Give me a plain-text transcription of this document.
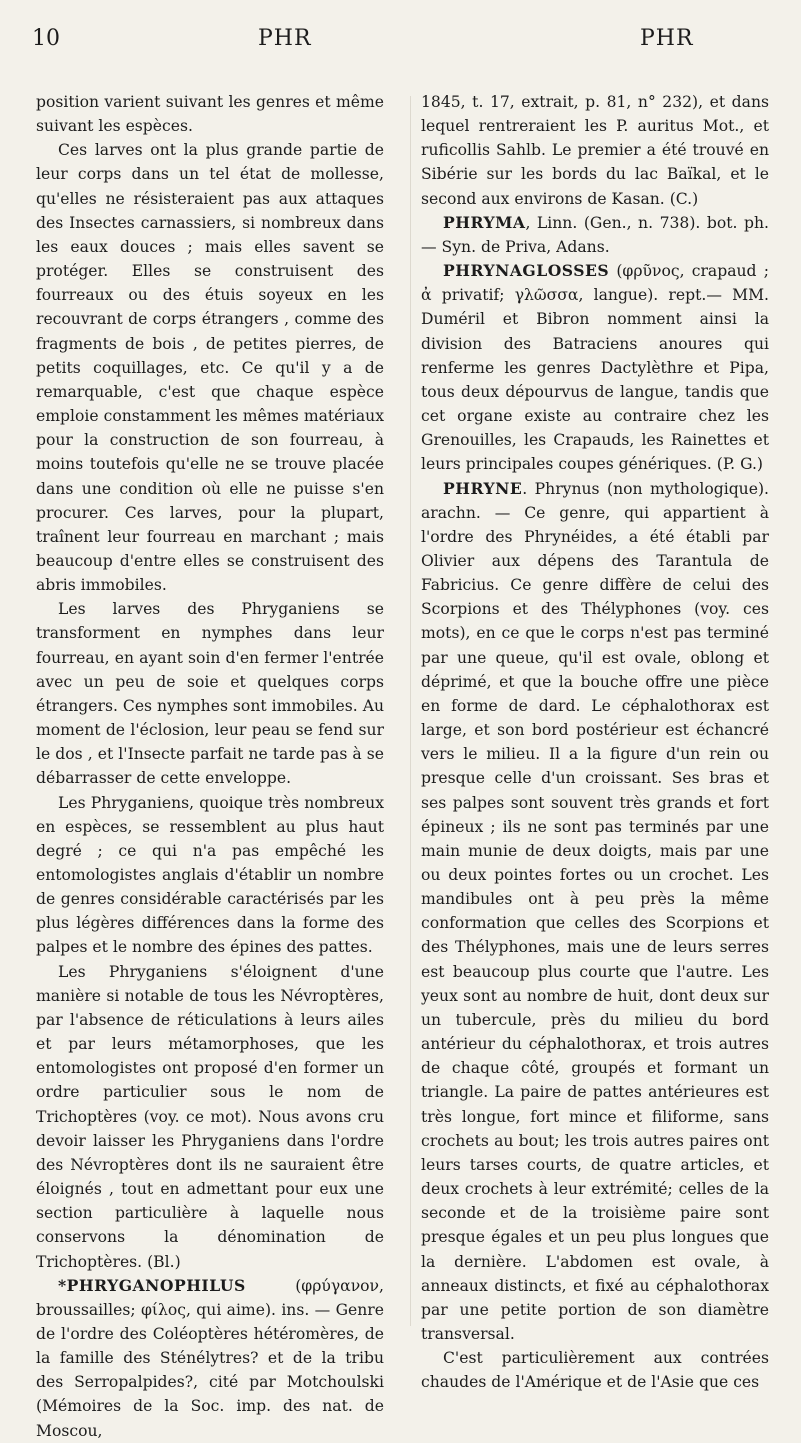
10	PHR	PHR

position varient suivant les genres et même suivant les espèces.

Ces larves ont la plus grande partie de leur corps dans un tel état de mollesse, qu'elles ne résisteraient pas aux attaques des Insectes carnassiers, si nombreux dans les eaux douces ; mais elles savent se protéger. Elles se construisent des fourreaux ou des étuis soyeux en les recouvrant de corps étrangers , comme des fragments de bois , de petites pierres, de petits coquillages, etc. Ce qu'il y a de remarquable, c'est que chaque espèce emploie constamment les mêmes matériaux pour la construction de son fourreau, à moins toutefois qu'elle ne se trouve placée dans une condition où elle ne puisse s'en procurer. Ces larves, pour la plupart, traînent leur fourreau en marchant ; mais beaucoup d'entre elles se construisent des abris immobiles.

Les larves des Phryganiens se transforment en nymphes dans leur fourreau, en ayant soin d'en fermer l'entrée avec un peu de soie et quelques corps étrangers. Ces nymphes sont immobiles. Au moment de l'éclosion, leur peau se fend sur le dos , et l'Insecte parfait ne tarde pas à se débarrasser de cette enveloppe.

Les Phryganiens, quoique très nombreux en espèces, se ressemblent au plus haut degré ; ce qui n'a pas empêché les entomologistes anglais d'établir un nombre de genres considérable caractérisés par les plus légères différences dans la forme des palpes et le nombre des épines des pattes.

Les Phryganiens s'éloignent d'une manière si notable de tous les Névroptères, par l'absence de réticulations à leurs ailes et par leurs métamorphoses, que les entomologistes ont proposé d'en former un ordre particulier sous le nom de Trichoptères (voy. ce mot). Nous avons cru devoir laisser les Phryganiens dans l'ordre des Névroptères dont ils ne sauraient être éloignés , tout en admettant pour eux une section particulière à laquelle nous conservons la dénomination de Trichoptères. (Bl.)

*PHRYGANOPHILUS (φρύγανον, broussailles; φίλος, qui aime). ins. — Genre de l'ordre des Coléoptères hétéromères, de la famille des Sténélytres? et de la tribu des Serropalpides?, cité par Motchoulski (Mémoires de la Soc. imp. des nat. de Moscou,

1845, t. 17, extrait, p. 81, n° 232), et dans lequel rentreraient les P. auritus Mot., et ruficollis Sahlb. Le premier a été trouvé en Sibérie sur les bords du lac Baïkal, et le second aux environs de Kasan. (C.)

PHRYMA, Linn. (Gen., n. 738). bot. ph. — Syn. de Priva, Adans.

PHRYNAGLOSSES (φρῦνος, crapaud ; ἀ privatif; γλῶσσα, langue). rept.— MM. Duméril et Bibron nomment ainsi la division des Batraciens anoures qui renferme les genres Dactylèthre et Pipa, tous deux dépourvus de langue, tandis que cet organe existe au contraire chez les Grenouilles, les Crapauds, les Rainettes et leurs principales coupes génériques. (P. G.)

PHRYNE. Phrynus (non mythologique). arachn. — Ce genre, qui appartient à l'ordre des Phrynéides, a été établi par Olivier aux dépens des Tarantula de Fabricius. Ce genre diffère de celui des Scorpions et des Thélyphones (voy. ces mots), en ce que le corps n'est pas terminé par une queue, qu'il est ovale, oblong et déprimé, et que la bouche offre une pièce en forme de dard. Le céphalothorax est large, et son bord postérieur est échancré vers le milieu. Il a la figure d'un rein ou presque celle d'un croissant. Ses bras et ses palpes sont souvent très grands et fort épineux ; ils ne sont pas terminés par une main munie de deux doigts, mais par une ou deux pointes fortes ou un crochet. Les mandibules ont à peu près la même conformation que celles des Scorpions et des Thélyphones, mais une de leurs serres est beaucoup plus courte que l'autre. Les yeux sont au nombre de huit, dont deux sur un tubercule, près du milieu du bord antérieur du céphalothorax, et trois autres de chaque côté, groupés et formant un triangle. La paire de pattes antérieures est très longue, fort mince et filiforme, sans crochets au bout; les trois autres paires ont leurs tarses courts, de quatre articles, et deux crochets à leur extrémité; celles de la seconde et de la troisième paire sont presque égales et un peu plus longues que la dernière. L'abdomen est ovale, à anneaux distincts, et fixé au céphalothorax par une petite portion de son diamètre transversal.

C'est particulièrement aux contrées chaudes de l'Amérique et de l'Asie que ces
